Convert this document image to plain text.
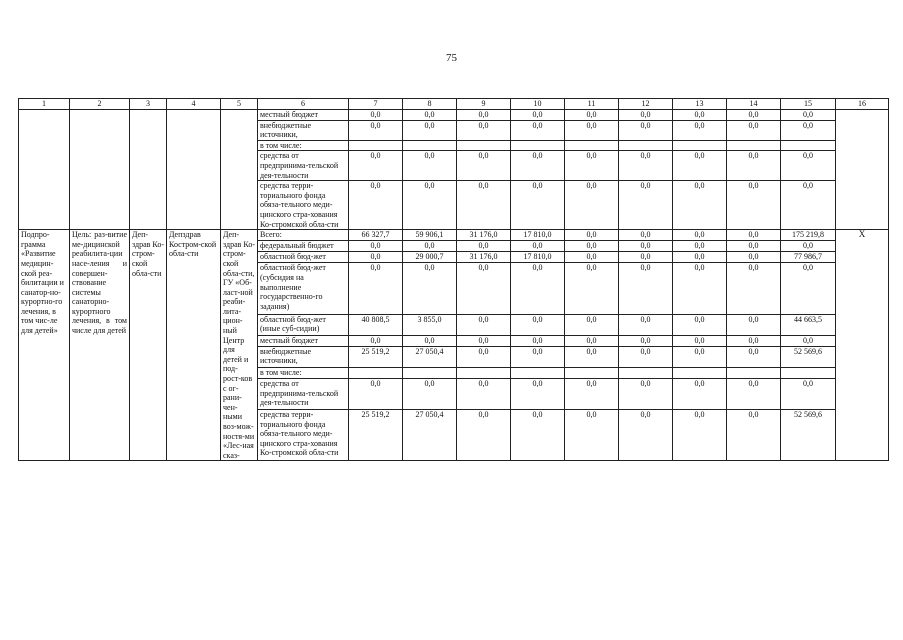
75
1	2	3	4	5	6	7	8	9	10	11	12	13	14	15	16
					местный бюджет	0,0	0,0	0,0	0,0	0,0	0,0	0,0	0,0	0,0	
					внебюджетные источники,	0,0	0,0	0,0	0,0	0,0	0,0	0,0	0,0	0,0	
					в том числе:		

					средства от предпринима-тельской дея-тельности	0,0	0,0	0,0	0,0	0,0	0,0	0,0	0,0	0,0	
					средства терри-ториального фонда обяза-тельного меди-цинского стра-хования Ко-стромской обла-сти	0,0	0,0	0,0	0,0	0,0	0,0	0,0	0,0	0,0	
Подпро-грамма «Развитие медицин-ской реа-билитации и санатор-но-курортно-го лечения, в том чис-ле для детей»	Цель: раз-витие ме-дицинской реабилита-ции насе-ления и совершен-ствование системы санаторно-курортного лечения, в том числе для детей	Деп-здрав Ко-стром-ской обла-сти	Депздрав Костром-ской обла-сти	Деп-здрав Ко-стром-ской обла-сти, ГУ «Об-ласт-ной реаби-лита-цион-ный Центр для детей и под-рост-ков с ог-рани-чен-ными воз-мож-ностя-ми «Лес-ная сказ-	Всего:	66 327,7	59 906,1	31 176,0	17 810,0	0,0	0,0	0,0	0,0	175 219,8	X
					федеральный бюджет	0,0	0,0	0,0	0,0	0,0	0,0	0,0	0,0	0,0	
					областной бюд-жет	0,0	29 000,7	31 176,0	17 810,0	0,0	0,0	0,0	0,0	77 986,7	
					областной бюд-жет (субсидия на выполнение государственно-го задания)	0,0	0,0	0,0	0,0	0,0	0,0	0,0	0,0	0,0	
					областной бюд-жет (иные суб-сидии)	40 808,5	3 855,0	0,0	0,0	0,0	0,0	0,0	0,0	44 663,5	
					местный бюджет	0,0	0,0	0,0	0,0	0,0	0,0	0,0	0,0	0,0	
					внебюджетные источники,	25 519,2	27 050,4	0,0	0,0	0,0	0,0	0,0	0,0	52 569,6	
					в том числе:		

					средства от предпринима-тельской дея-тельности	0,0	0,0	0,0	0,0	0,0	0,0	0,0	0,0	0,0	
					средства терри-ториального фонда обяза-тельного меди-цинского стра-хования Ко-стромской обла-сти	25 519,2	27 050,4	0,0	0,0	0,0	0,0	0,0	0,0	52 569,6	
